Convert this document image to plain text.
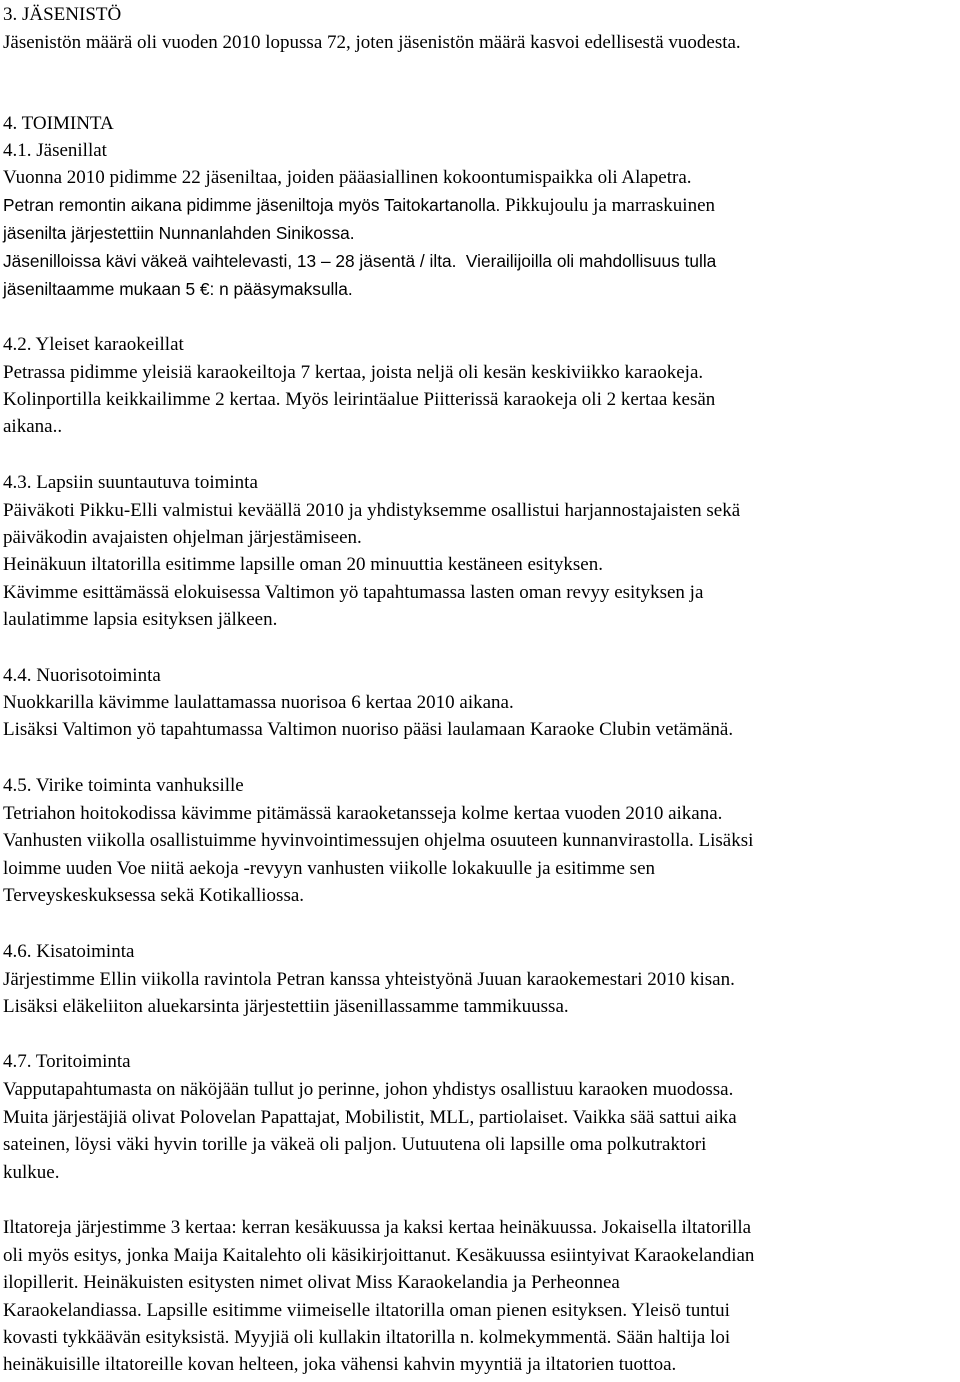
3. JÄSENISTÖ
Jäsenistön määrä oli vuoden 2010 lopussa 72, joten jäsenistön määrä kasvoi edellisestä vuodesta.
4. TOIMINTA
4.1. Jäsenillat
Vuonna 2010 pidimme 22 jäseniltaa, joiden pääasiallinen kokoontumispaikka oli Alapetra.
Petran remontin aikana pidimme jäseniltoja myös Taitokartanolla. Pikkujoulu ja marraskuinen
jäsenilta järjestettiin Nunnanlahden Sinikossa.
Jäsenilloissa kävi väkeä vaihtelevasti, 13 – 28 jäsentä / ilta. Vierailijoilla oli mahdollisuus tulla
jäseniltaamme mukaan 5 €: n pääsymaksulla.
4.2. Yleiset karaokeillat
Petrassa pidimme yleisiä karaokeiltoja 7 kertaa, joista neljä oli kesän keskiviikko karaokeja.
Kolinportilla keikkailimme 2 kertaa. Myös leirintäalue Piitterissä karaokeja oli 2 kertaa kesän
aikana..
4.3. Lapsiin suuntautuva toiminta
Päiväkoti Pikku-Elli valmistui keväällä 2010 ja yhdistyksemme osallistui harjannostajaisten sekä
päiväkodin avajaisten ohjelman järjestämiseen.
Heinäkuun iltatorilla esitimme lapsille oman 20 minuuttia kestäneen esityksen.
Kävimme esittämässä elokuisessa Valtimon yö tapahtumassa lasten oman revyy esityksen ja
laulatimme lapsia esityksen jälkeen.
4.4. Nuorisotoiminta
Nuokkarilla kävimme laulattamassa nuorisoa 6 kertaa 2010 aikana.
Lisäksi Valtimon yö tapahtumassa Valtimon nuoriso pääsi laulamaan Karaoke Clubin vetämänä.
4.5. Virike toiminta vanhuksille
Tetriahon hoitokodissa kävimme pitämässä karaoketansseja kolme kertaa vuoden 2010 aikana.
Vanhusten viikolla osallistuimme hyvinvointimessujen ohjelma osuuteen kunnanvirastolla. Lisäksi
loimme uuden Voe niitä aekoja -revyyn vanhusten viikolle lokakuulle ja esitimme sen
Terveyskeskuksessa sekä Kotikalliossa.
4.6. Kisatoiminta
Järjestimme Ellin viikolla ravintola Petran kanssa yhteistyönä Juuan karaokemestari 2010 kisan.
Lisäksi eläkeliiton aluekarsinta järjestettiin jäsenillassamme tammikuussa.
4.7. Toritoiminta
Vapputapahtumasta on näköjään tullut jo perinne, johon yhdistys osallistuu karaoken muodossa.
Muita järjestäjiä olivat Polovelan Papattajat, Mobilistit, MLL, partiolaiset. Vaikka sää sattui aika
sateinen, löysi väki hyvin torille ja väkeä oli paljon. Uutuutena oli lapsille oma polkutraktori
kulkue.
Iltatoreja järjestimme 3 kertaa: kerran kesäkuussa ja kaksi kertaa heinäkuussa. Jokaisella iltatorilla
oli myös esitys, jonka Maija Kaitalehto oli käsikirjoittanut. Kesäkuussa esiintyivat Karaokelandian
ilopillerit. Heinäkuisten esitysten nimet olivat Miss Karaokelandia ja Perheonnea
Karaokelandiassa. Lapsille esitimme viimeiselle iltatorilla oman pienen esityksen. Yleisö tuntui
kovasti tykkäävän esityksistä. Myyjiä oli kullakin iltatorilla n. kolmekymmentä. Sään haltija loi
heinäkuisille iltatoreille kovan helteen, joka vähensi kahvin myyntiä ja iltatorien tuottoa.
